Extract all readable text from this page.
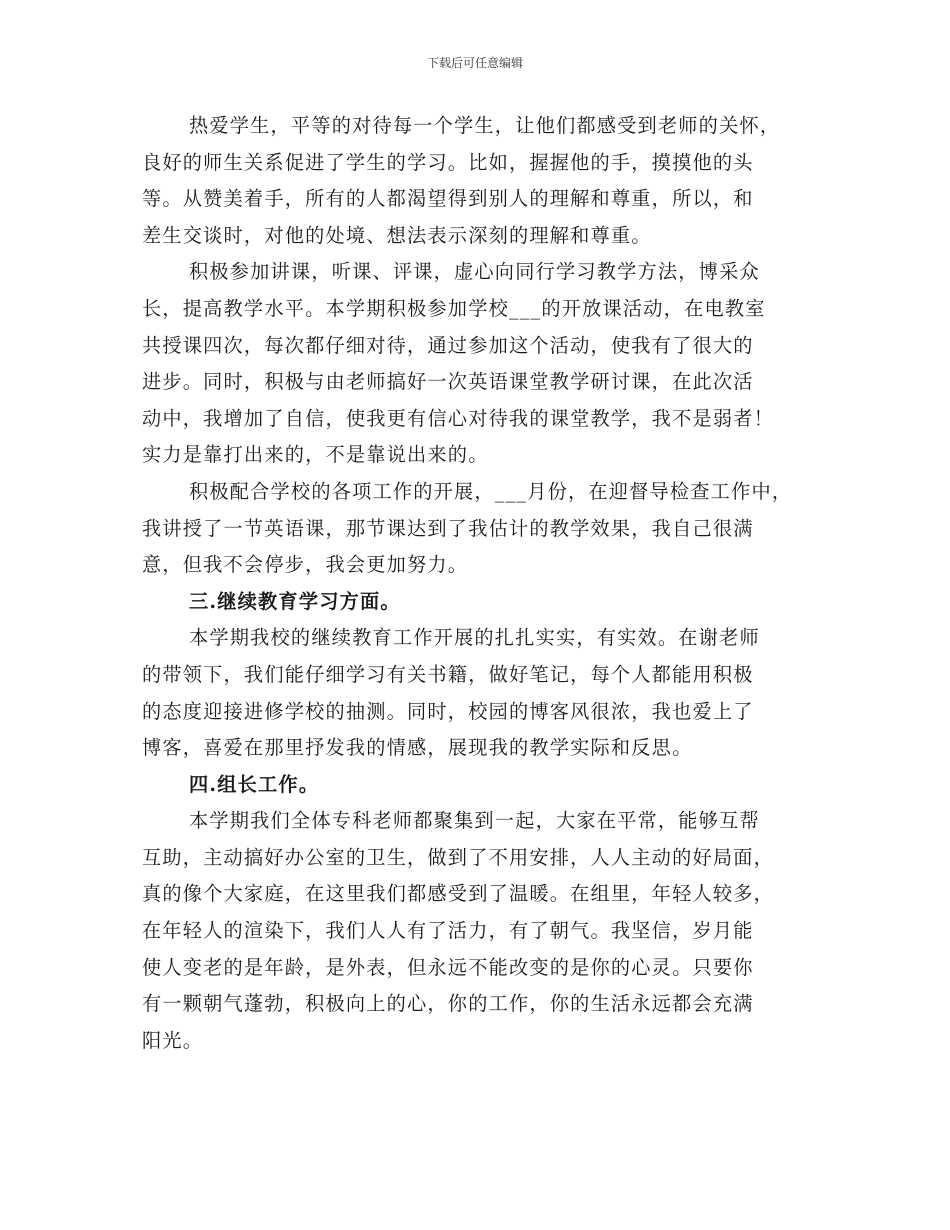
下载后可任意编辑
热爱学生，平等的对待每一个学生，让他们都感受到老师的关怀，
良好的师生关系促进了学生的学习。比如，握握他的手，摸摸他的头
等。从赞美着手，所有的人都渴望得到别人的理解和尊重，所以，和
差生交谈时，对他的处境、想法表示深刻的理解和尊重。
积极参加讲课，听课、评课，虚心向同行学习教学方法，博采众
长，提高教学水平。本学期积极参加学校___的开放课活动，在电教室
共授课四次，每次都仔细对待，通过参加这个活动，使我有了很大的
进步。同时，积极与由老师搞好一次英语课堂教学研讨课，在此次活
动中，我增加了自信，使我更有信心对待我的课堂教学，我不是弱者！
实力是靠打出来的，不是靠说出来的。
积极配合学校的各项工作的开展，___月份，在迎督导检查工作中，
我讲授了一节英语课，那节课达到了我估计的教学效果，我自己很满
意，但我不会停步，我会更加努力。
三.继续教育学习方面。
本学期我校的继续教育工作开展的扎扎实实，有实效。在谢老师
的带领下，我们能仔细学习有关书籍，做好笔记，每个人都能用积极
的态度迎接进修学校的抽测。同时，校园的博客风很浓，我也爱上了
博客，喜爱在那里抒发我的情感，展现我的教学实际和反思。
四.组长工作。
本学期我们全体专科老师都聚集到一起，大家在平常，能够互帮
互助，主动搞好办公室的卫生，做到了不用安排，人人主动的好局面，
真的像个大家庭，在这里我们都感受到了温暖。在组里，年轻人较多，
在年轻人的渲染下，我们人人有了活力，有了朝气。我坚信，岁月能
使人变老的是年龄，是外表，但永远不能改变的是你的心灵。只要你
有一颗朝气蓬勃，积极向上的心，你的工作，你的生活永远都会充满
阳光。
